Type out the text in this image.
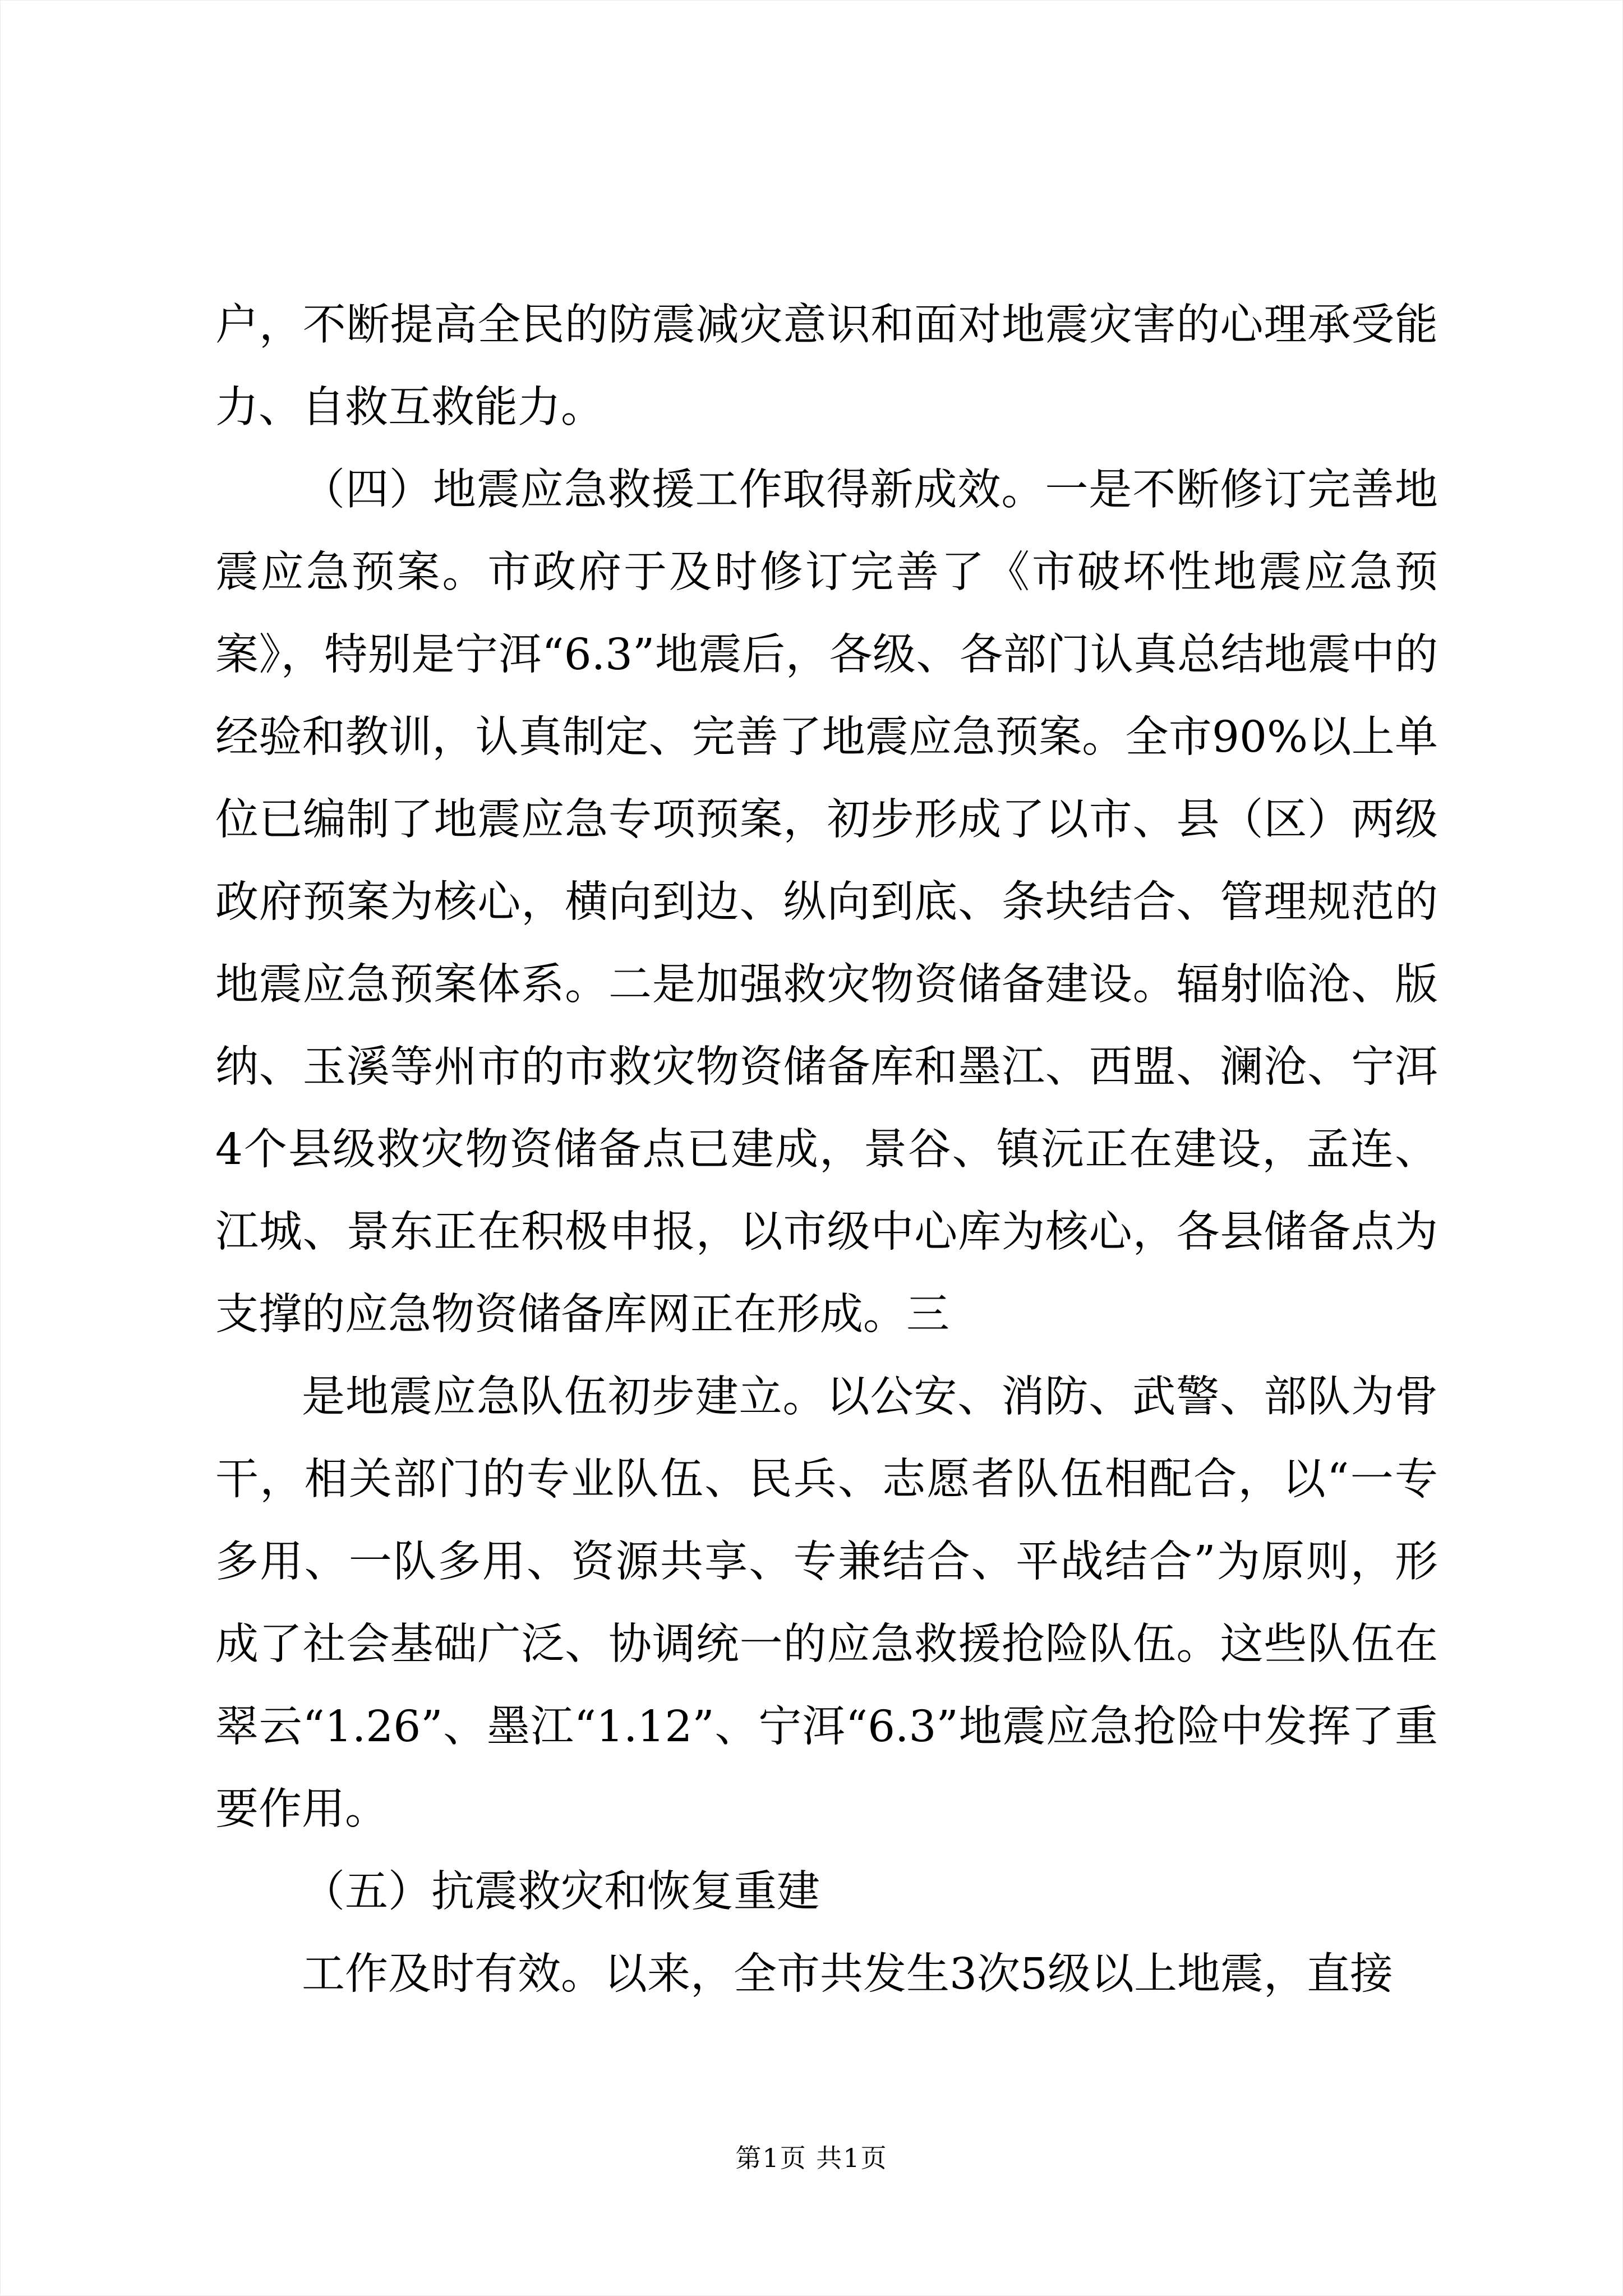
户，不断提高全民的防震减灾意识和面对地震灾害的心理承受能力、自救互救能力。

（四）地震应急救援工作取得新成效。一是不断修订完善地震应急预案。市政府于及时修订完善了《市破坏性地震应急预案》，特别是宁洱“6.3”地震后，各级、各部门认真总结地震中的经验和教训，认真制定、完善了地震应急预案。全市90%以上单位已编制了地震应急专项预案，初步形成了以市、县（区）两级政府预案为核心，横向到边、纵向到底、条块结合、管理规范的地震应急预案体系。二是加强救灾物资储备建设。辐射临沧、版纳、玉溪等州市的市救灾物资储备库和墨江、西盟、澜沧、宁洱4个县级救灾物资储备点已建成，景谷、镇沅正在建设，孟连、江城、景东正在积极申报，以市级中心库为核心，各县储备点为支撑的应急物资储备库网正在形成。三

是地震应急队伍初步建立。以公安、消防、武警、部队为骨干，相关部门的专业队伍、民兵、志愿者队伍相配合，以“一专多用、一队多用、资源共享、专兼结合、平战结合”为原则，形成了社会基础广泛、协调统一的应急救援抢险队伍。这些队伍在翠云“1.26”、墨江“1.12”、宁洱“6.3”地震应急抢险中发挥了重要作用。

（五）抗震救灾和恢复重建

工作及时有效。以来，全市共发生3次5级以上地震，直接

第1页 共1页
